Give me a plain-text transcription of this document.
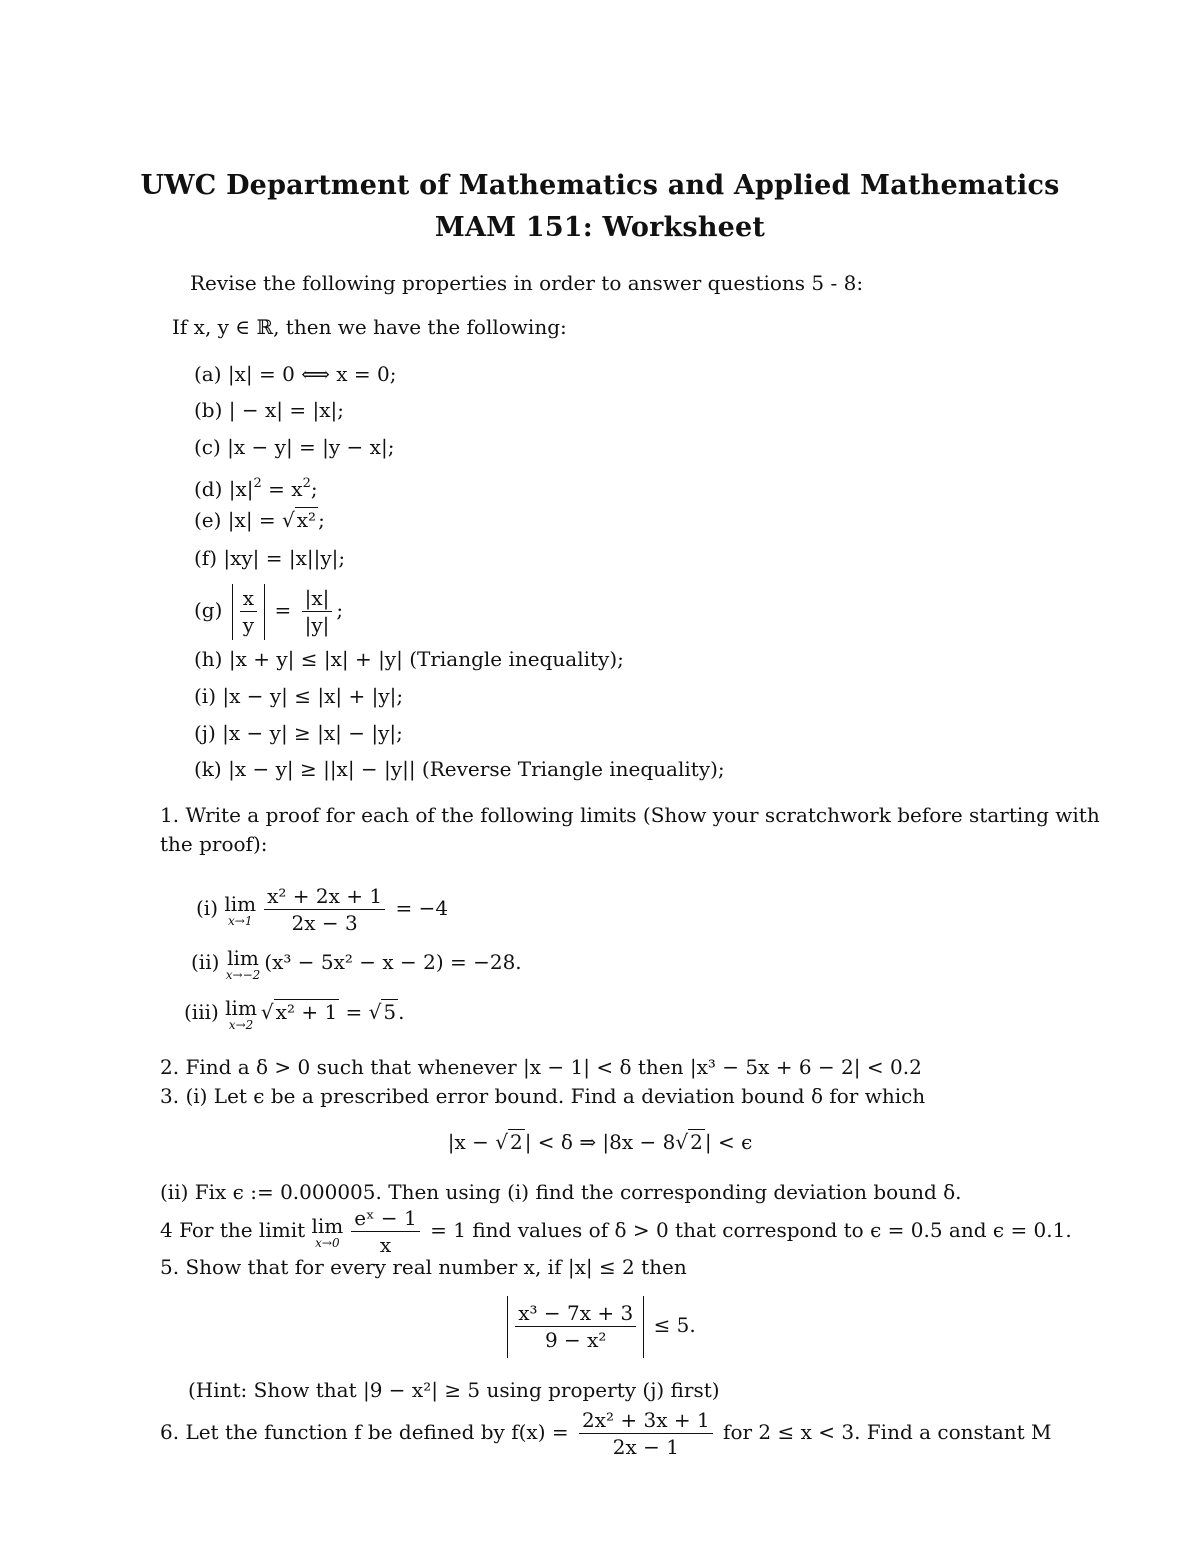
UWC Department of Mathematics and Applied Mathematics
MAM 151: Worksheet
Revise the following properties in order to answer questions 5 - 8:
If x, y ∈ ℝ, then we have the following:
(a) |x| = 0 ⟺ x = 0;
(b) | − x| = |x|;
(c) |x − y| = |y − x|;
(d) $|x|^2 = x^2$;
(e) |x| = √ x² ;
(f) |xy| = |x||y|;
$(g) \frac{x}{y} = \frac{|x|}{|y|}$ ;
(h) |x + y| ≤ |x| + |y| (Triangle inequality);
(i) |x − y| ≤ |x| + |y|;
(j) |x − y| ≥ |x| − |y|;
(k) |x − y| ≥ ||x| − |y|| (Reverse Triangle inequality);
1. Write a proof for each of the following limits (Show your scratchwork before starting with
the proof):
(i) lim
$x\to 1 \frac{\text{x² + 2x + 1}}{2x - 3} = -4$
(ii) lim
x→−2
(x³ − 5x² − x − 2) = −28.
(iii) lim
x→2
√ x² + 1 = √ 5 .
2. Find a δ > 0 such that whenever |x − 1| < δ then |x³ − 5x + 6 − 2| < 0.2
3. (i) Let ϵ be a prescribed error bound. Find a deviation bound δ for which
|x − √ 2 | < δ ⇒ |8x − 8√ 2 | < ϵ
(ii) Fix ϵ := 0.000005. Then using (i) find the corresponding deviation bound δ.
4 For the limit lim
$x\to 0 \frac{\text{eˣ − 1}}{x} = 1$ find values of δ > 0 that correspond to ϵ = 0.5 and ϵ = 0.1.
5. Show that for every real number x, if |x| ≤ 2 then
$\frac{\text{x³ − 7x + 3}}{\text{9 − x²}} \le 5$.
(Hint: Show that |9 − x²| ≥ 5 using property (j) first)
6. Let the function f be defined by $f(x) = \frac{\text{2x² + 3x + 1}}{2x - 1}$ for 2 ≤ x < 3. Find a constant M
